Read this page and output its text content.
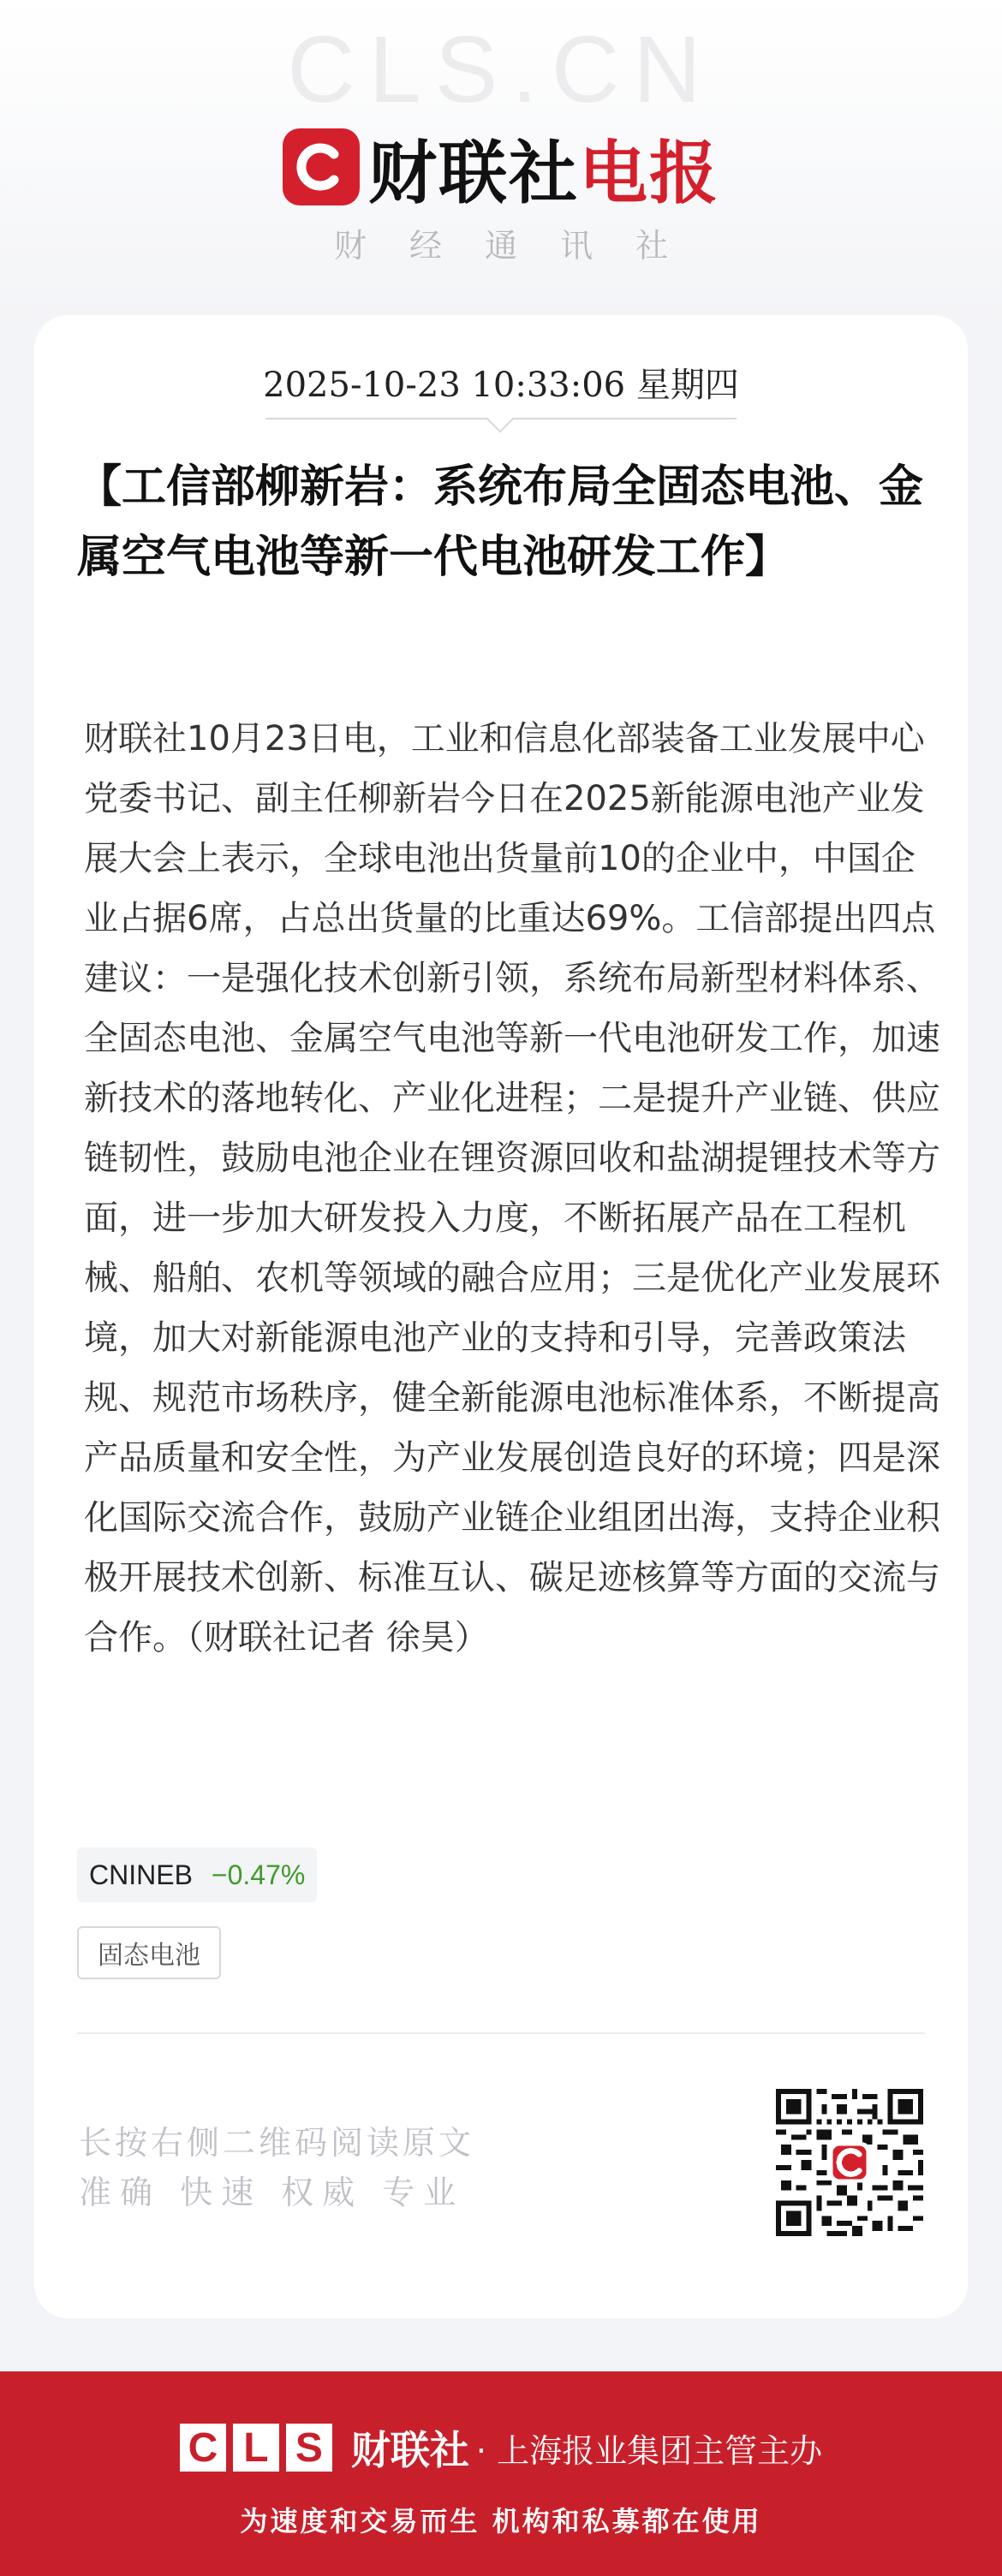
CLS.CN
财联社电报
财经通讯社
2025-10-23 10:33:06 星期四
【工信部柳新岩：系统布局全固态电池、金属空气电池等新一代电池研发工作】
财联社10月23日电，工业和信息化部装备工业发展中心党委书记、副主任柳新岩今日在2025新能源电池产业发展大会上表示，全球电池出货量前10的企业中，中国企业占据6席，占总出货量的比重达69%。工信部提出四点建议：一是强化技术创新引领，系统布局新型材料体系、全固态电池、金属空气电池等新一代电池研发工作，加速新技术的落地转化、产业化进程；二是提升产业链、供应链韧性，鼓励电池企业在锂资源回收和盐湖提锂技术等方面，进一步加大研发投入力度，不断拓展产品在工程机械、船舶、农机等领域的融合应用；三是优化产业发展环境，加大对新能源电池产业的支持和引导，完善政策法规、规范市场秩序，健全新能源电池标准体系，不断提高产品质量和安全性，为产业发展创造良好的环境；四是深化国际交流合作，鼓励产业链企业组团出海，支持企业积极开展技术创新、标准互认、碳足迹核算等方面的交流与合作。（财联社记者 徐昊）
CNINEB −0.47%
固态电池
长按右侧二维码阅读原文
准确 快速 权威 专业
C L S 财联社 · 上海报业集团主管主办
为速度和交易而生 机构和私募都在使用
